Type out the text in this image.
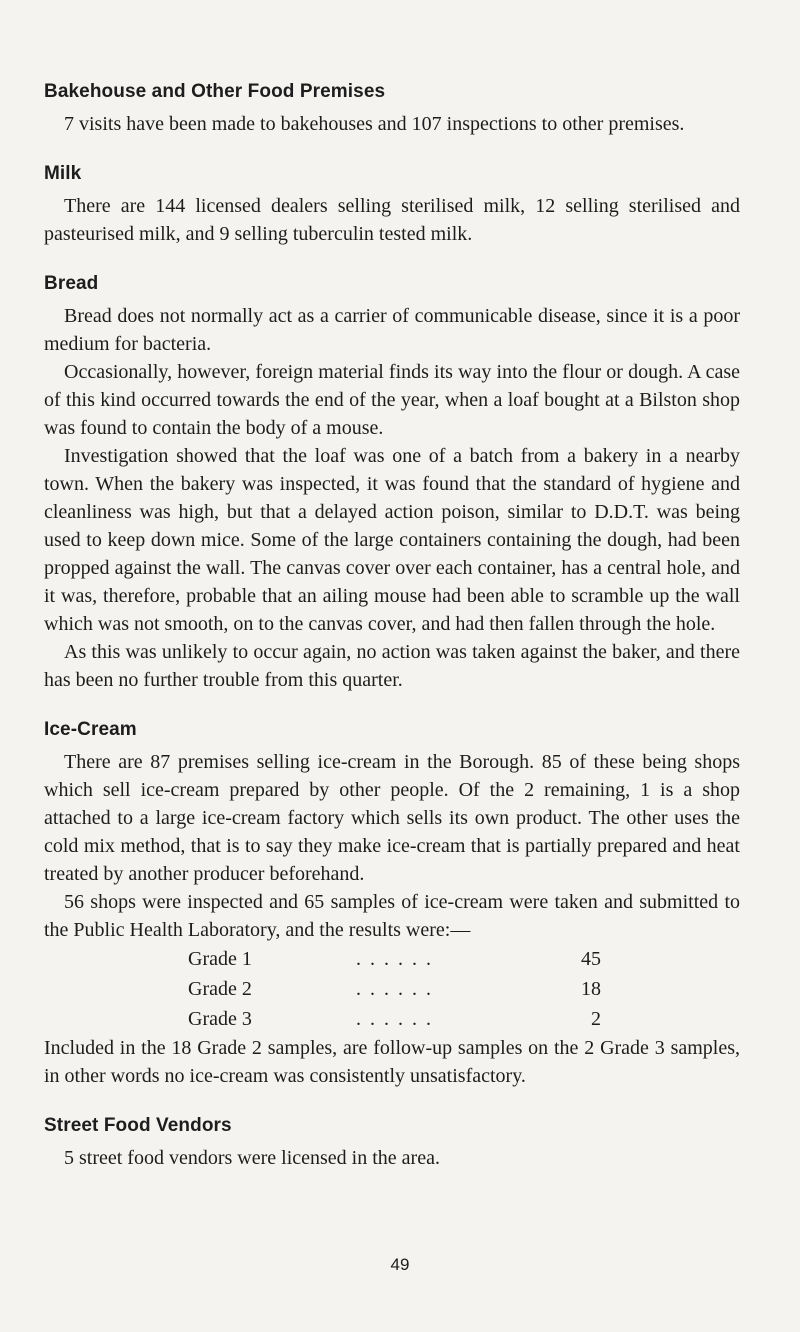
Bakehouse and Other Food Premises

7 visits have been made to bakehouses and 107 inspections to other premises.

Milk

There are 144 licensed dealers selling sterilised milk, 12 selling sterilised and pasteurised milk, and 9 selling tuberculin tested milk.

Bread

Bread does not normally act as a carrier of communicable disease, since it is a poor medium for bacteria.

Occasionally, however, foreign material finds its way into the flour or dough. A case of this kind occurred towards the end of the year, when a loaf bought at a Bilston shop was found to contain the body of a mouse.

Investigation showed that the loaf was one of a batch from a bakery in a nearby town. When the bakery was inspected, it was found that the standard of hygiene and cleanliness was high, but that a delayed action poison, similar to D.D.T. was being used to keep down mice. Some of the large containers containing the dough, had been propped against the wall. The canvas cover over each container, has a central hole, and it was, therefore, probable that an ailing mouse had been able to scramble up the wall which was not smooth, on to the canvas cover, and had then fallen through the hole.

As this was unlikely to occur again, no action was taken against the baker, and there has been no further trouble from this quarter.

Ice-Cream

There are 87 premises selling ice-cream in the Borough. 85 of these being shops which sell ice-cream prepared by other people. Of the 2 remaining, 1 is a shop attached to a large ice-cream factory which sells its own product. The other uses the cold mix method, that is to say they make ice-cream that is partially prepared and heat treated by another producer beforehand.

56 shops were inspected and 65 samples of ice-cream were taken and submitted to the Public Health Laboratory, and the results were:—

Grade 1	. . . . . .	45
Grade 2	. . . . . .	18
Grade 3	. . . . . .	2

Included in the 18 Grade 2 samples, are follow-up samples on the 2 Grade 3 samples, in other words no ice-cream was consistently unsatisfactory.

Street Food Vendors

5 street food vendors were licensed in the area.

49
